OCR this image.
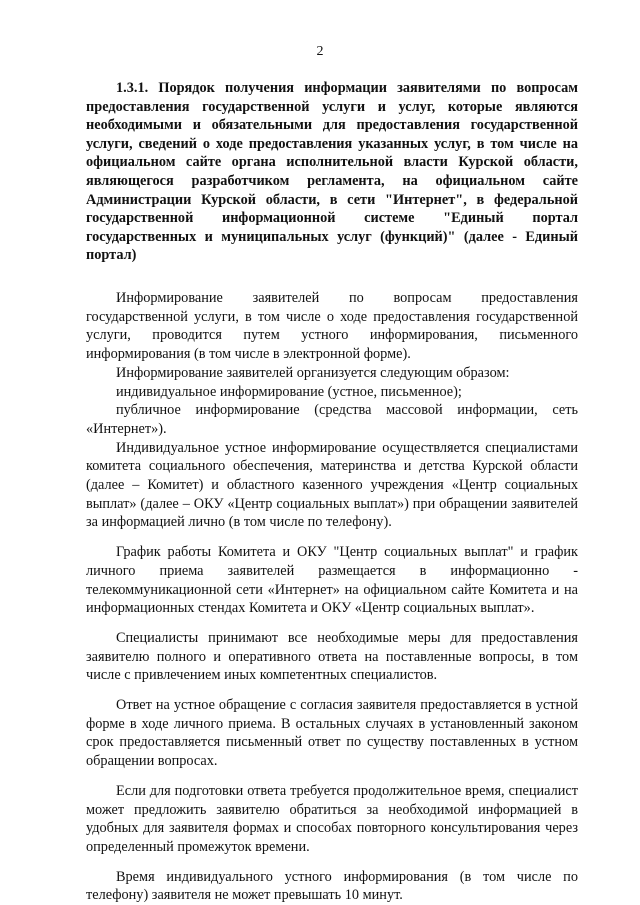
2
1.3.1. Порядок получения информации заявителями по вопросам предоставления государственной услуги и услуг, которые являются необходимыми и обязательными для предоставления государственной услуги, сведений о ходе предоставления указанных услуг, в том числе на официальном сайте органа исполнительной власти Курской области, являющегося разработчиком регламента, на официальном сайте Администрации Курской области, в сети "Интернет", в федеральной государственной информационной системе "Единый портал государственных и муниципальных услуг (функций)" (далее - Единый портал)

Информирование заявителей по вопросам предоставления государственной услуги, в том числе о ходе предоставления государственной услуги, проводится путем устного информирования, письменного информирования (в том числе в электронной форме).

Информирование заявителей организуется следующим образом:

индивидуальное информирование (устное, письменное);

публичное информирование (средства массовой информации, сеть «Интернет»).

Индивидуальное устное информирование осуществляется специалистами комитета социального обеспечения, материнства и детства Курской области (далее – Комитет) и областного казенного учреждения «Центр социальных выплат» (далее – ОКУ «Центр социальных выплат») при обращении заявителей за информацией лично (в том числе по телефону).

График работы Комитета и ОКУ "Центр социальных выплат" и график личного приема заявителей размещается в информационно - телекоммуникационной сети «Интернет» на официальном сайте Комитета и на информационных стендах Комитета и ОКУ «Центр социальных выплат».

Специалисты принимают все необходимые меры для предоставления заявителю полного и оперативного ответа на поставленные вопросы, в том числе с привлечением иных компетентных специалистов.

Ответ на устное обращение с согласия заявителя предоставляется в устной форме в ходе личного приема. В остальных случаях в установленный законом срок предоставляется письменный ответ по существу поставленных в устном обращении вопросах.

Если для подготовки ответа требуется продолжительное время, специалист может предложить заявителю обратиться за необходимой информацией в удобных для заявителя формах и способах повторного консультирования через определенный промежуток времени.

Время индивидуального устного информирования (в том числе по телефону) заявителя не может превышать 10 минут.
